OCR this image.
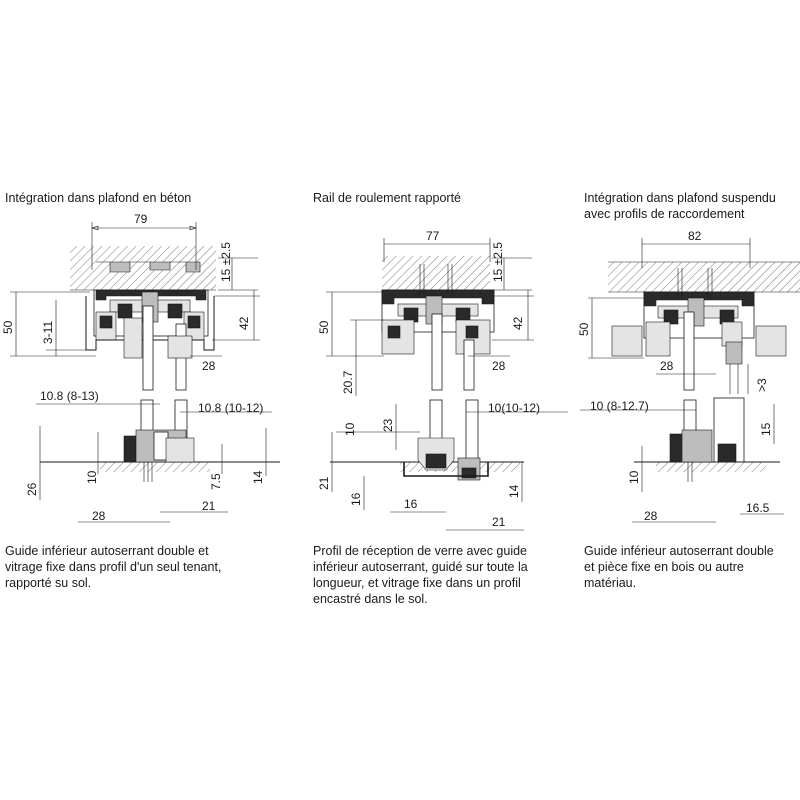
Intégration dans plafond en béton
79
15 ±2.5
42
50 3-11
28
10.8 (8-13)
10.8 (10-12)
26
10	7.5 14
28
21
Guide inférieur autoserrant double et
vitrage fixe dans profil d'un seul tenant,
rapporté su sol.
Rail de roulement rapporté
77
15 ±2.5
42
50
20.7
28
23
10(10-12)
10
21
16	16
14
21
Profil de réception de verre avec guide
inférieur autoserrant, guidé sur toute la
longueur, et vitrage fixe dans un profil
encastré dans le sol.
Intégration dans plafond suspendu
avec profils de raccordement
82
50
28
>3
10 (8-12.7)
15
10
28
16.5
Guide inférieur autoserrant double
et pièce fixe en bois ou autre
matériau.
